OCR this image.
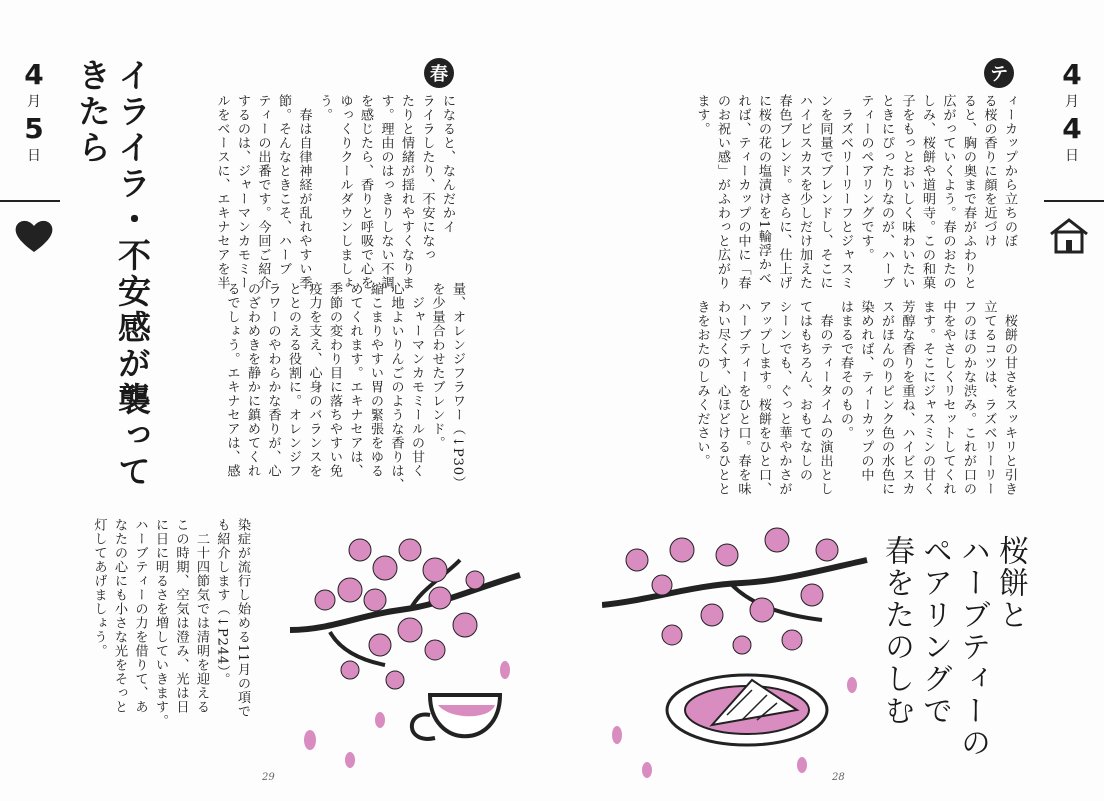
4
月
5
日	イライラ・不安感が襲ってきたら	春
になると、なんだかイ
ライラしたり、不安になっ
たりと情緒が揺れやすくなりま
す。理由のはっきりしない不調
を感じたら、香りと呼吸で心を
ゆっくりクールダウンしましょ
う。
　春は自律神経が乱れやすい季
節。そんなときこそ、ハーブ
ティーの出番です。今回ご紹介
するのは、ジャーマンカモミー
ルをベースに、エキナセアを半
量、オレンジフラワー（↓P30）
を少量合わせたブレンド。
　ジャーマンカモミールの甘く
心地よいりんごのような香りは、
縮こまりやすい胃の緊張をゆる
めてくれます。エキナセアは、
季節の変わり目に落ちやすい免
疫力を支え、心身のバランスを
ととのえる役割に。オレンジフ
ラワーのやわらかな香りが、心
のざわめきを静かに鎮めてくれ
るでしょう。エキナセアは、感
染症が流行し始める11月の項で
も紹介します（↓P244）。
　二十四節気では清明を迎える
この時期、空気は澄み、光は日
に日に明るさを増していきます。
ハーブティーの力を借りて、あ
なたの心にも小さな光をそっと
灯してあげましょう。
29
4
月
4
日
テ
ィーカップから立ちのぼ
る桜の香りに顔を近づけ
ると、胸の奥まで春がふわりと
広がっていくよう。春のおたの
しみ、桜餅や道明寺。この和菓
子をもっとおいしく味わいたい
ときにぴったりなのが、ハーブ
ティーのペアリングです。
　ラズベリーリーフとジャスミ
ンを同量でブレンドし、そこに
ハイビスカスを少しだけ加えた
春色ブレンド。さらに、仕上げ
に桜の花の塩漬けを1輪浮かべ
れば、ティーカップの中に「春
のお祝い感」がふわっと広がり
ます。
　桜餅の甘さをスッキリと引き
立てるコツは、ラズベリーリー
フのほのかな渋み。これが口の
中をやさしくリセットしてくれ
ます。そこにジャスミンの甘く
芳醇な香りを重ね、ハイビスカ
スがほんのりピンク色の水色に
染めれば、ティーカップの中
はまるで春そのもの。
　春のティータイムの演出とし
てはもちろん、おもてなしの
シーンでも、ぐっと華やかさが
アップします。桜餅をひと口、
ハーブティーをひと口。春を味
わい尽くす、心ほどけるひとと
きをおたのしみください。
桜餅と
ハーブティーの
ペアリングで
春をたのしむ
28
